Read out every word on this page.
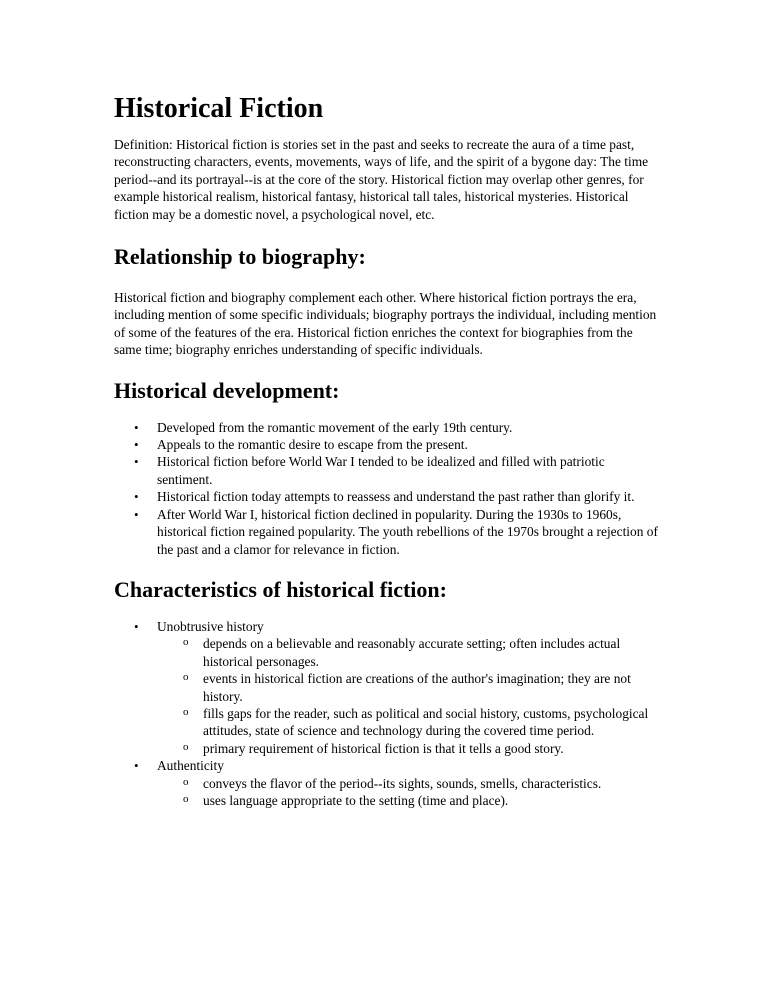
Historical Fiction

Definition: Historical fiction is stories set in the past and seeks to recreate the aura of a time past, reconstructing characters, events, movements, ways of life, and the spirit of a bygone day: The time period--and its portrayal--is at the core of the story. Historical fiction may overlap other genres, for example historical realism, historical fantasy, historical tall tales, historical mysteries. Historical fiction may be a domestic novel, a psychological novel, etc.

Relationship to biography:

Historical fiction and biography complement each other. Where historical fiction portrays the era, including mention of some specific individuals; biography portrays the individual, including mention of some of the features of the era. Historical fiction enriches the context for biographies from the same time; biography enriches understanding of specific individuals.

Historical development:
• Developed from the romantic movement of the early 19th century.
• Appeals to the romantic desire to escape from the present.
• Historical fiction before World War I tended to be idealized and filled with patriotic sentiment.
• Historical fiction today attempts to reassess and understand the past rather than glorify it.
• After World War I, historical fiction declined in popularity. During the 1930s to 1960s, historical fiction regained popularity. The youth rebellions of the 1970s brought a rejection of the past and a clamor for relevance in fiction.
Characteristics of historical fiction:
• Unobtrusive history
o depends on a believable and reasonably accurate setting; often includes actual historical personages.
o events in historical fiction are creations of the author's imagination; they are not history.
o fills gaps for the reader, such as political and social history, customs, psychological attitudes, state of science and technology during the covered time period.
o primary requirement of historical fiction is that it tells a good story.
• Authenticity
o conveys the flavor of the period--its sights, sounds, smells, characteristics.
o uses language appropriate to the setting (time and place).
